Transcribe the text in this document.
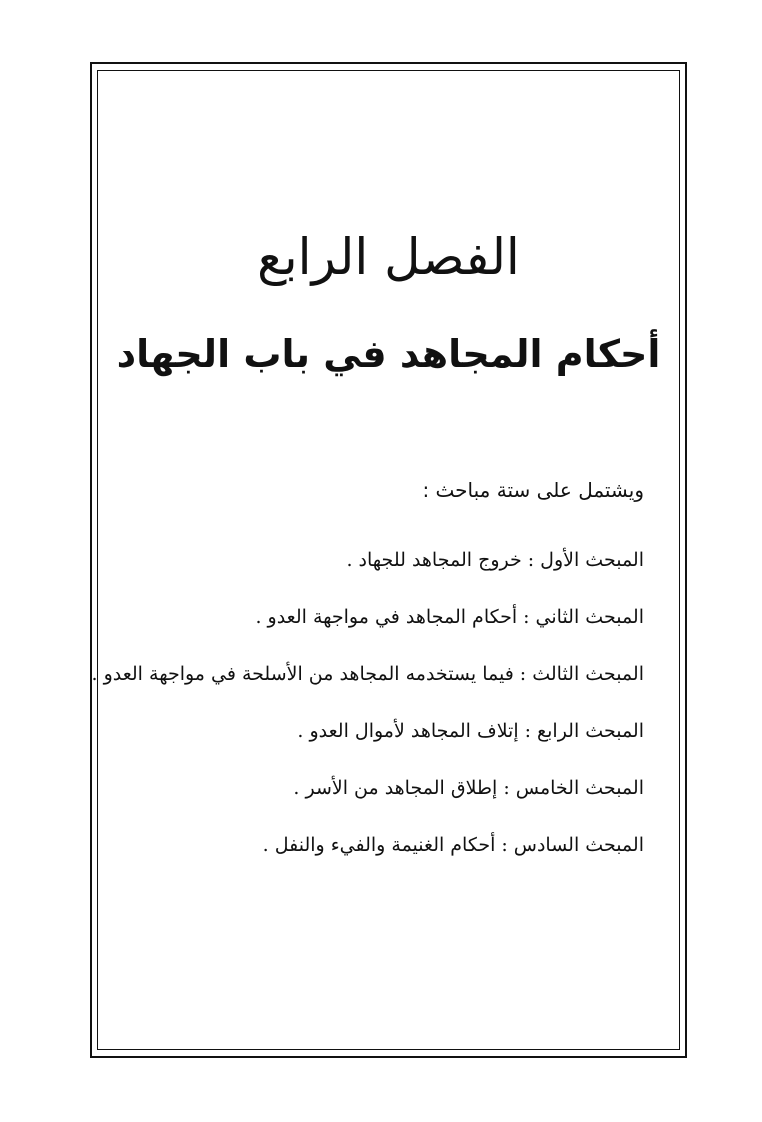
الفصل الرابع
أحكام المجاهد في باب الجهاد
ويشتمل على ستة مباحث :
المبحث الأول:خروج المجاهد للجهاد .
المبحث الثاني:أحكام المجاهد في مواجهة العدو .
المبحث الثالث:فيما يستخدمه المجاهد من الأسلحة في مواجهة العدو .
المبحث الرابع:إتلاف المجاهد لأموال العدو .
المبحث الخامس:إطلاق المجاهد من الأسر .
المبحث السادس:أحكام الغنيمة والفيء والنفل .
